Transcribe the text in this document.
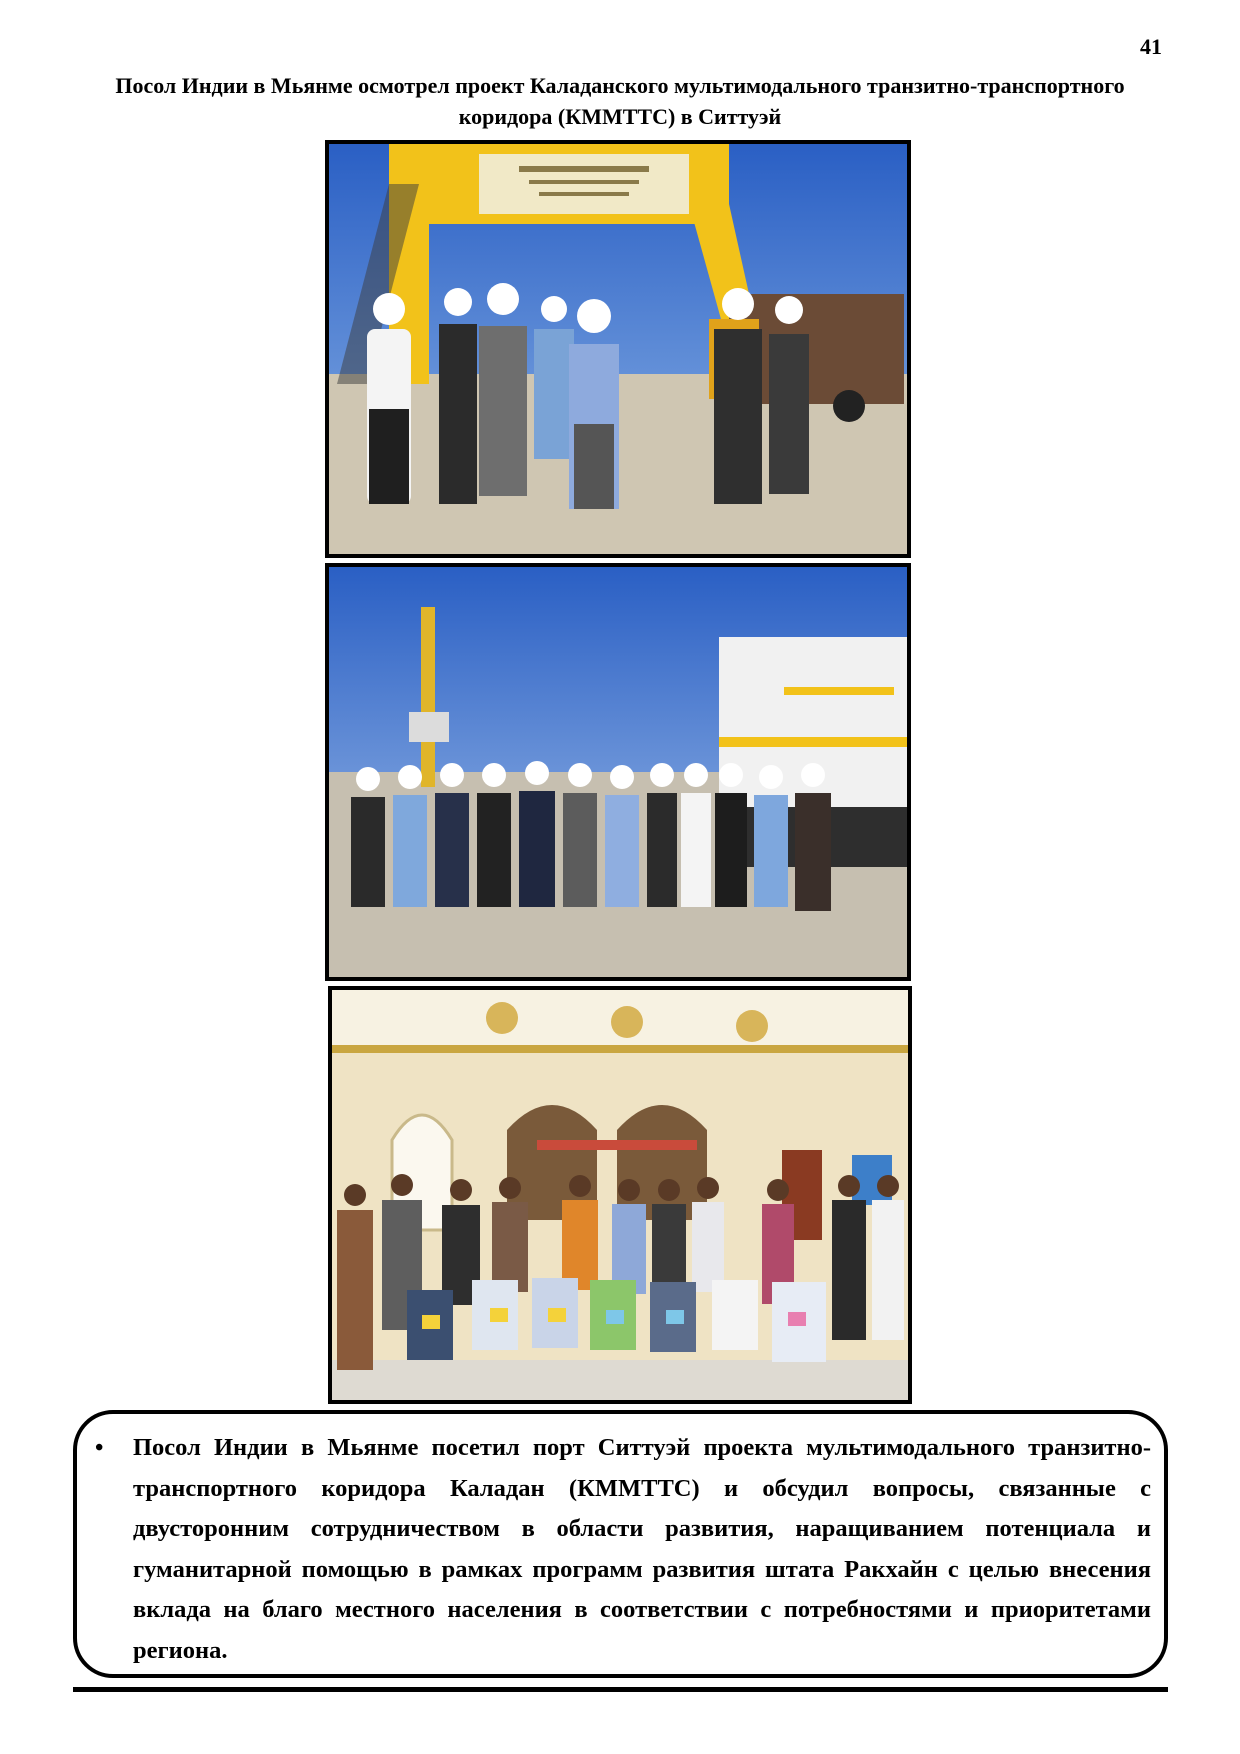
41
Посол Индии в Мьянме осмотрел проект Каладанского мультимодального транзитно-транспортного коридора (КММТТС) в Ситтуэй
• Посол Индии в Мьянме посетил порт Ситтуэй проекта мультимодального транзитно-транспортного коридора Каладан (КММТТС) и обсудил вопросы, связанные с двусторонним сотрудничеством в области развития, наращиванием потенциала и гуманитарной помощью в рамках программ развития штата Ракхайн с целью внесения вклада на благо местного населения в соответствии с потребностями и приоритетами региона.
